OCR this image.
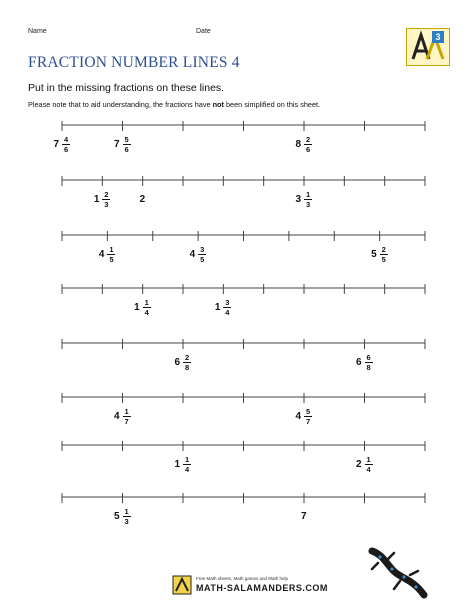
Name	Date
3
FRACTION NUMBER LINES 4
Put in the missing fractions on these lines.
Please note that to aid understanding, the fractions have not been simplified on this sheet.
$7 \frac{4}{6}$	$7 \frac{5}{6}$	$8 \frac{2}{6}$
$1 \frac{2}{3}$	2	$3 \frac{1}{3}$
$4 \frac{1}{5}$	$4 \frac{3}{5}$	$5 \frac{2}{5}$
$1 \frac{1}{4}$	$1 \frac{3}{4}$
$6 \frac{2}{8}$	$6 \frac{6}{8}$
$4 \frac{1}{7}$	$4 \frac{5}{7}$
$1 \frac{1}{4}$	$2 \frac{1}{4}$
$5 \frac{1}{3}$	7
Free Math sheets, Math games and Math help
MATH-SALAMANDERS.COM
